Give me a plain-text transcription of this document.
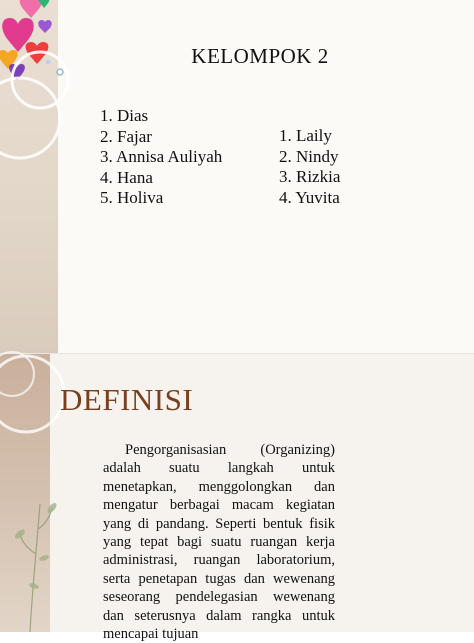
KELOMPOK 2
1. Dias
2. Fajar
3. Annisa Auliyah
4. Hana
5. Holiva
1. Laily
2. Nindy
3. Rizkia
4. Yuvita
DEFINISI

Pengorganisasian (Organizing) adalah suatu langkah untuk menetapkan, menggolongkan dan mengatur berbagai macam kegiatan yang di pandang. Seperti bentuk fisik yang tepat bagi suatu ruangan kerja administrasi, ruangan laboratorium, serta penetapan tugas dan wewenang seseorang pendelegasian wewenang dan seterusnya dalam rangka untuk mencapai tujuan
